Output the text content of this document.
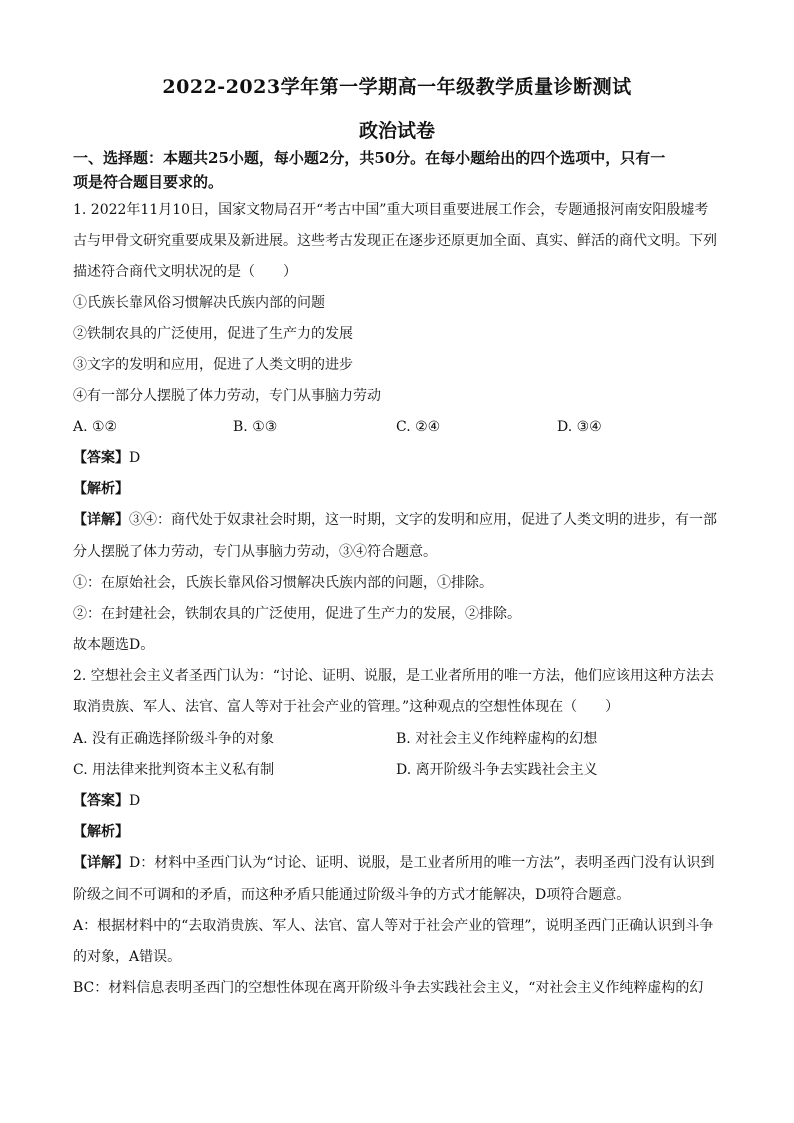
2022-2023学年第一学期高一年级教学质量诊断测试
政治试卷
一、选择题：本题共25小题，每小题2分，共50分。在每小题给出的四个选项中，只有一
项是符合题目要求的。
1. 2022年11月10日，国家文物局召开“考古中国”重大项目重要进展工作会，专题通报河南安阳殷墟考
古与甲骨文研究重要成果及新进展。这些考古发现正在逐步还原更加全面、真实、鲜活的商代文明。下列
描述符合商代文明状况的是（　　）
①氏族长靠风俗习惯解决氏族内部的问题
②铁制农具的广泛使用，促进了生产力的发展
③文字的发明和应用，促进了人类文明的进步
④有一部分人摆脱了体力劳动，专门从事脑力劳动
A. ①②	B. ①③	C. ②④	D. ③④
【答案】D
【解析】
【详解】③④：商代处于奴隶社会时期，这一时期，文字的发明和应用，促进了人类文明的进步，有一部
分人摆脱了体力劳动，专门从事脑力劳动，③④符合题意。
①：在原始社会，氏族长靠风俗习惯解决氏族内部的问题，①排除。
②：在封建社会，铁制农具的广泛使用，促进了生产力的发展，②排除。
故本题选D。
2. 空想社会主义者圣西门认为：“讨论、证明、说服，是工业者所用的唯一方法，他们应该用这种方法去
取消贵族、军人、法官、富人等对于社会产业的管理。”这种观点的空想性体现在（　　）
A. 没有正确选择阶级斗争的对象	B. 对社会主义作纯粹虚构的幻想
C. 用法律来批判资本主义私有制	D. 离开阶级斗争去实践社会主义
【答案】D
【解析】
【详解】D：材料中圣西门认为“讨论、证明、说服，是工业者所用的唯一方法”，表明圣西门没有认识到
阶级之间不可调和的矛盾，而这种矛盾只能通过阶级斗争的方式才能解决，D项符合题意。
A：根据材料中的“去取消贵族、军人、法官、富人等对于社会产业的管理”，说明圣西门正确认识到斗争
的对象，A错误。
BC：材料信息表明圣西门的空想性体现在离开阶级斗争去实践社会主义，“对社会主义作纯粹虚构的幻
